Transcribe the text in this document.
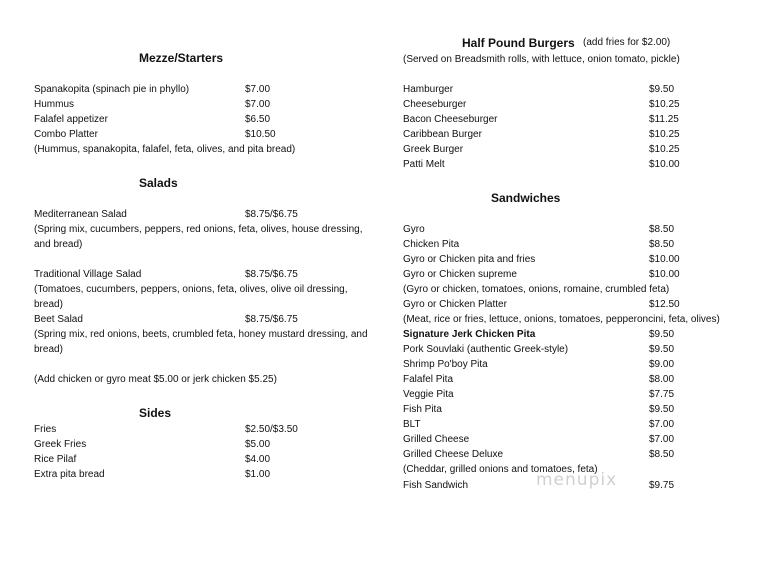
Mezze/Starters
Spanakopita (spinach pie in phyllo)	$7.00
Hummus	$7.00
Falafel appetizer	$6.50
Combo Platter	$10.50
(Hummus, spanakopita, falafel, feta, olives, and pita bread)
Salads
Mediterranean Salad	$8.75/$6.75
(Spring mix, cucumbers, peppers, red onions, feta, olives, house dressing,
and bread)
Traditional Village Salad	$8.75/$6.75
(Tomatoes, cucumbers, peppers, onions, feta, olives, olive oil dressing,
bread)
Beet Salad	$8.75/$6.75
(Spring mix, red onions, beets, crumbled feta, honey mustard dressing, and
bread)
(Add chicken or gyro meat $5.00 or jerk chicken $5.25)
Sides
Fries	$2.50/$3.50
Greek Fries	$5.00
Rice Pilaf	$4.00
Extra pita bread	$1.00
Half Pound Burgers (add fries for $2.00)
(Served on Breadsmith rolls, with lettuce, onion tomato, pickle)
Hamburger	$9.50
Cheeseburger	$10.25
Bacon Cheeseburger	$11.25
Caribbean Burger	$10.25
Greek Burger	$10.25
Patti Melt	$10.00
Sandwiches
Gyro	$8.50
Chicken Pita	$8.50
Gyro or Chicken pita and fries	$10.00
Gyro or Chicken supreme	$10.00
(Gyro or chicken, tomatoes, onions, romaine, crumbled feta)
Gyro or Chicken Platter	$12.50
(Meat, rice or fries, lettuce, onions, tomatoes, pepperoncini, feta, olives)
Signature Jerk Chicken Pita	$9.50
Pork Souvlaki (authentic Greek-style)	$9.50
Shrimp Po'boy Pita	$9.00
Falafel Pita	$8.00
Veggie Pita	$7.75
Fish Pita	$9.50
BLT	$7.00
Grilled Cheese	$7.00
Grilled Cheese Deluxe	$8.50
(Cheddar, grilled onions and tomatoes, feta)
Fish Sandwich	$9.75
menupix
